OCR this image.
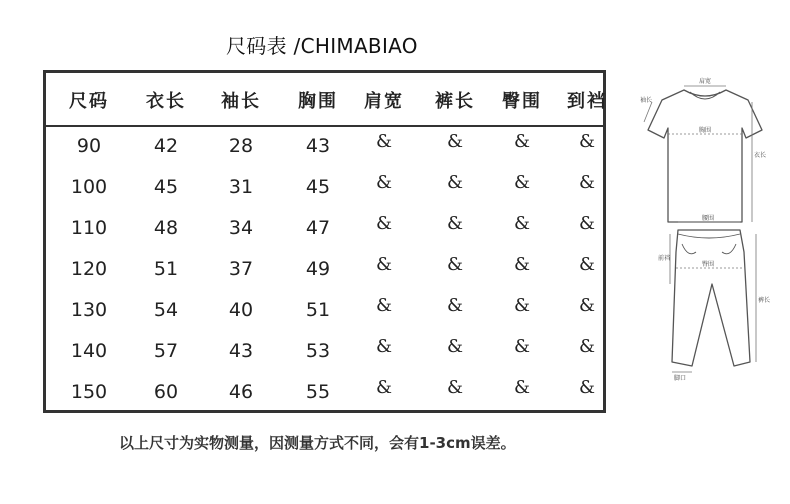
尺码表 /CHIMABIAO
尺码 衣长 袖长 胸围 肩宽 裤长 臀围 到裆
90	42	28	43	&	&	&	&
100 45	31	45	&	&	&	&
110 48	34	47	&	&	&	&
120 51	37	49	&	&	&	&
130 54	40	51	&	&	&	&
140 57	43	53	&	&	&	&
150 60	46	55	&	&	&	&
以上尺寸为实物测量，因测量方式不同，会有1-3cm误差。
肩宽
胸围
衣长
袖长
腰围
臀围
前裆
裤长
脚口
